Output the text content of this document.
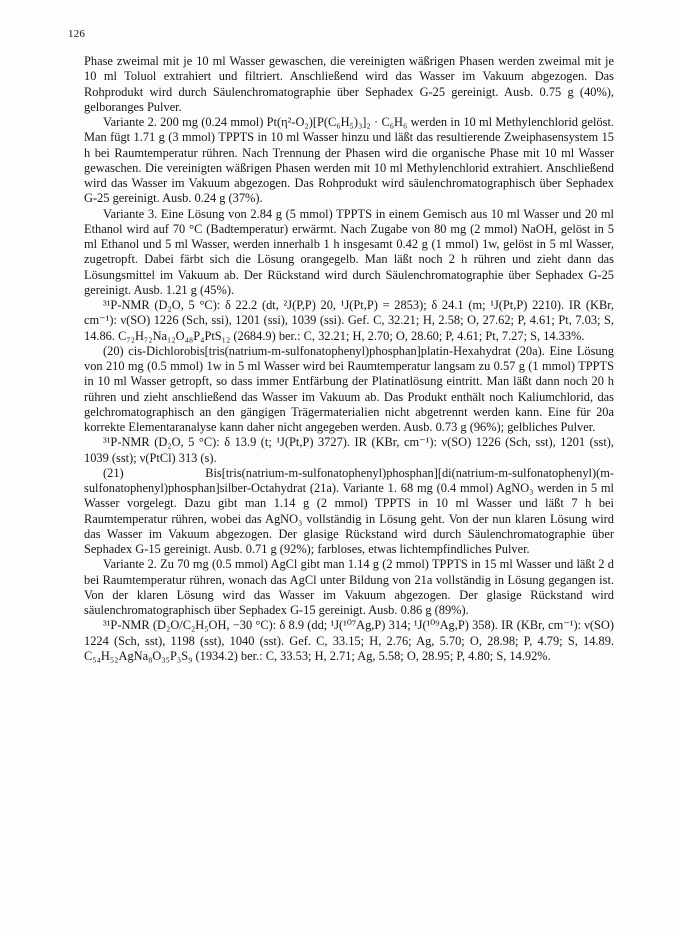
126

Phase zweimal mit je 10 ml Wasser gewaschen, die vereinigten wäßrigen Phasen werden zweimal mit je 10 ml Toluol extrahiert und filtriert. Anschließend wird das Wasser im Vakuum abgezogen. Das Rohprodukt wird durch Säulenchromatographie über Sephadex G-25 gereinigt. Ausb. 0.75 g (40%), gelboranges Pulver.

Variante 2. 200 mg (0.24 mmol) Pt(η²-O₂)[P(C₆H₅)₃]₂ · C₆H₆ werden in 10 ml Methylenchlorid gelöst. Man fügt 1.71 g (3 mmol) TPPTS in 10 ml Wasser hinzu und läßt das resultierende Zweiphasensystem 15 h bei Raumtemperatur rühren. Nach Trennung der Phasen wird die organische Phase mit 10 ml Wasser gewaschen. Die vereinigten wäßrigen Phasen werden mit 10 ml Methylenchlorid extrahiert. Anschließend wird das Wasser im Vakuum abgezogen. Das Rohprodukt wird säulenchromatographisch über Sephadex G-25 gereinigt. Ausb. 0.24 g (37%).

Variante 3. Eine Lösung von 2.84 g (5 mmol) TPPTS in einem Gemisch aus 10 ml Wasser und 20 ml Ethanol wird auf 70 °C (Badtemperatur) erwärmt. Nach Zugabe von 80 mg (2 mmol) NaOH, gelöst in 5 ml Ethanol und 5 ml Wasser, werden innerhalb 1 h insgesamt 0.42 g (1 mmol) 1w, gelöst in 5 ml Wasser, zugetropft. Dabei färbt sich die Lösung orangegelb. Man läßt noch 2 h rühren und zieht dann das Lösungsmittel im Vakuum ab. Der Rückstand wird durch Säulenchromatographie über Sephadex G-25 gereinigt. Ausb. 1.21 g (45%).

³¹P-NMR (D₂O, 5 °C): δ 22.2 (dt, ²J(P,P) 20, ¹J(Pt,P) = 2853); δ 24.1 (m; ¹J(Pt,P) 2210). IR (KBr, cm⁻¹): ν(SO) 1226 (Sch, ssi), 1201 (ssi), 1039 (ssi). Gef. C, 32.21; H, 2.58; O, 27.62; P, 4.61; Pt, 7.03; S, 14.86. C₇₂H₇₂Na₁₂O₄₈P₄PtS₁₂ (2684.9) ber.: C, 32.21; H, 2.70; O, 28.60; P, 4.61; Pt, 7.27; S, 14.33%.

(20) cis-Dichlorobis[tris(natrium-m-sulfonatophenyl)phosphan]platin-Hexahydrat (20a). Eine Lösung von 210 mg (0.5 mmol) 1w in 5 ml Wasser wird bei Raumtemperatur langsam zu 0.57 g (1 mmol) TPPTS in 10 ml Wasser getropft, so dass immer Entfärbung der Platinatlösung eintritt. Man läßt dann noch 20 h rühren und zieht anschließend das Wasser im Vakuum ab. Das Produkt enthält noch Kaliumchlorid, das gelchromatographisch an den gängigen Trägermaterialien nicht abgetrennt werden kann. Eine für 20a korrekte Elementaranalyse kann daher nicht angegeben werden. Ausb. 0.73 g (96%); gelbliches Pulver.

³¹P-NMR (D₂O, 5 °C): δ 13.9 (t; ¹J(Pt,P) 3727). IR (KBr, cm⁻¹): ν(SO) 1226 (Sch, sst), 1201 (sst), 1039 (sst); ν(PtCl) 313 (s).

(21) Bis[tris(natrium-m-sulfonatophenyl)phosphan][di(natrium-m-sulfonatophenyl)(m-sulfonatophenyl)phosphan]silber-Octahydrat (21a). Variante 1. 68 mg (0.4 mmol) AgNO₃ werden in 5 ml Wasser vorgelegt. Dazu gibt man 1.14 g (2 mmol) TPPTS in 10 ml Wasser und läßt 7 h bei Raumtemperatur rühren, wobei das AgNO₃ vollständig in Lösung geht. Von der nun klaren Lösung wird das Wasser im Vakuum abgezogen. Der glasige Rückstand wird durch Säulenchromatographie über Sephadex G-15 gereinigt. Ausb. 0.71 g (92%); farbloses, etwas lichtempfindliches Pulver.

Variante 2. Zu 70 mg (0.5 mmol) AgCl gibt man 1.14 g (2 mmol) TPPTS in 15 ml Wasser und läßt 2 d bei Raumtemperatur rühren, wonach das AgCl unter Bildung von 21a vollständig in Lösung gegangen ist. Von der klaren Lösung wird das Wasser im Vakuum abgezogen. Der glasige Rückstand wird säulenchromatographisch über Sephadex G-15 gereinigt. Ausb. 0.86 g (89%).

³¹P-NMR (D₂O/C₂H₅OH, −30 °C): δ 8.9 (dd; ¹J(¹⁰⁷Ag,P) 314; ¹J(¹⁰⁹Ag,P) 358). IR (KBr, cm⁻¹): ν(SO) 1224 (Sch, sst), 1198 (sst), 1040 (sst). Gef. C, 33.15; H, 2.76; Ag, 5.70; O, 28.98; P, 4.79; S, 14.89. C₅₄H₅₂AgNa₈O₃₅P₃S₉ (1934.2) ber.: C, 33.53; H, 2.71; Ag, 5.58; O, 28.95; P, 4.80; S, 14.92%.
